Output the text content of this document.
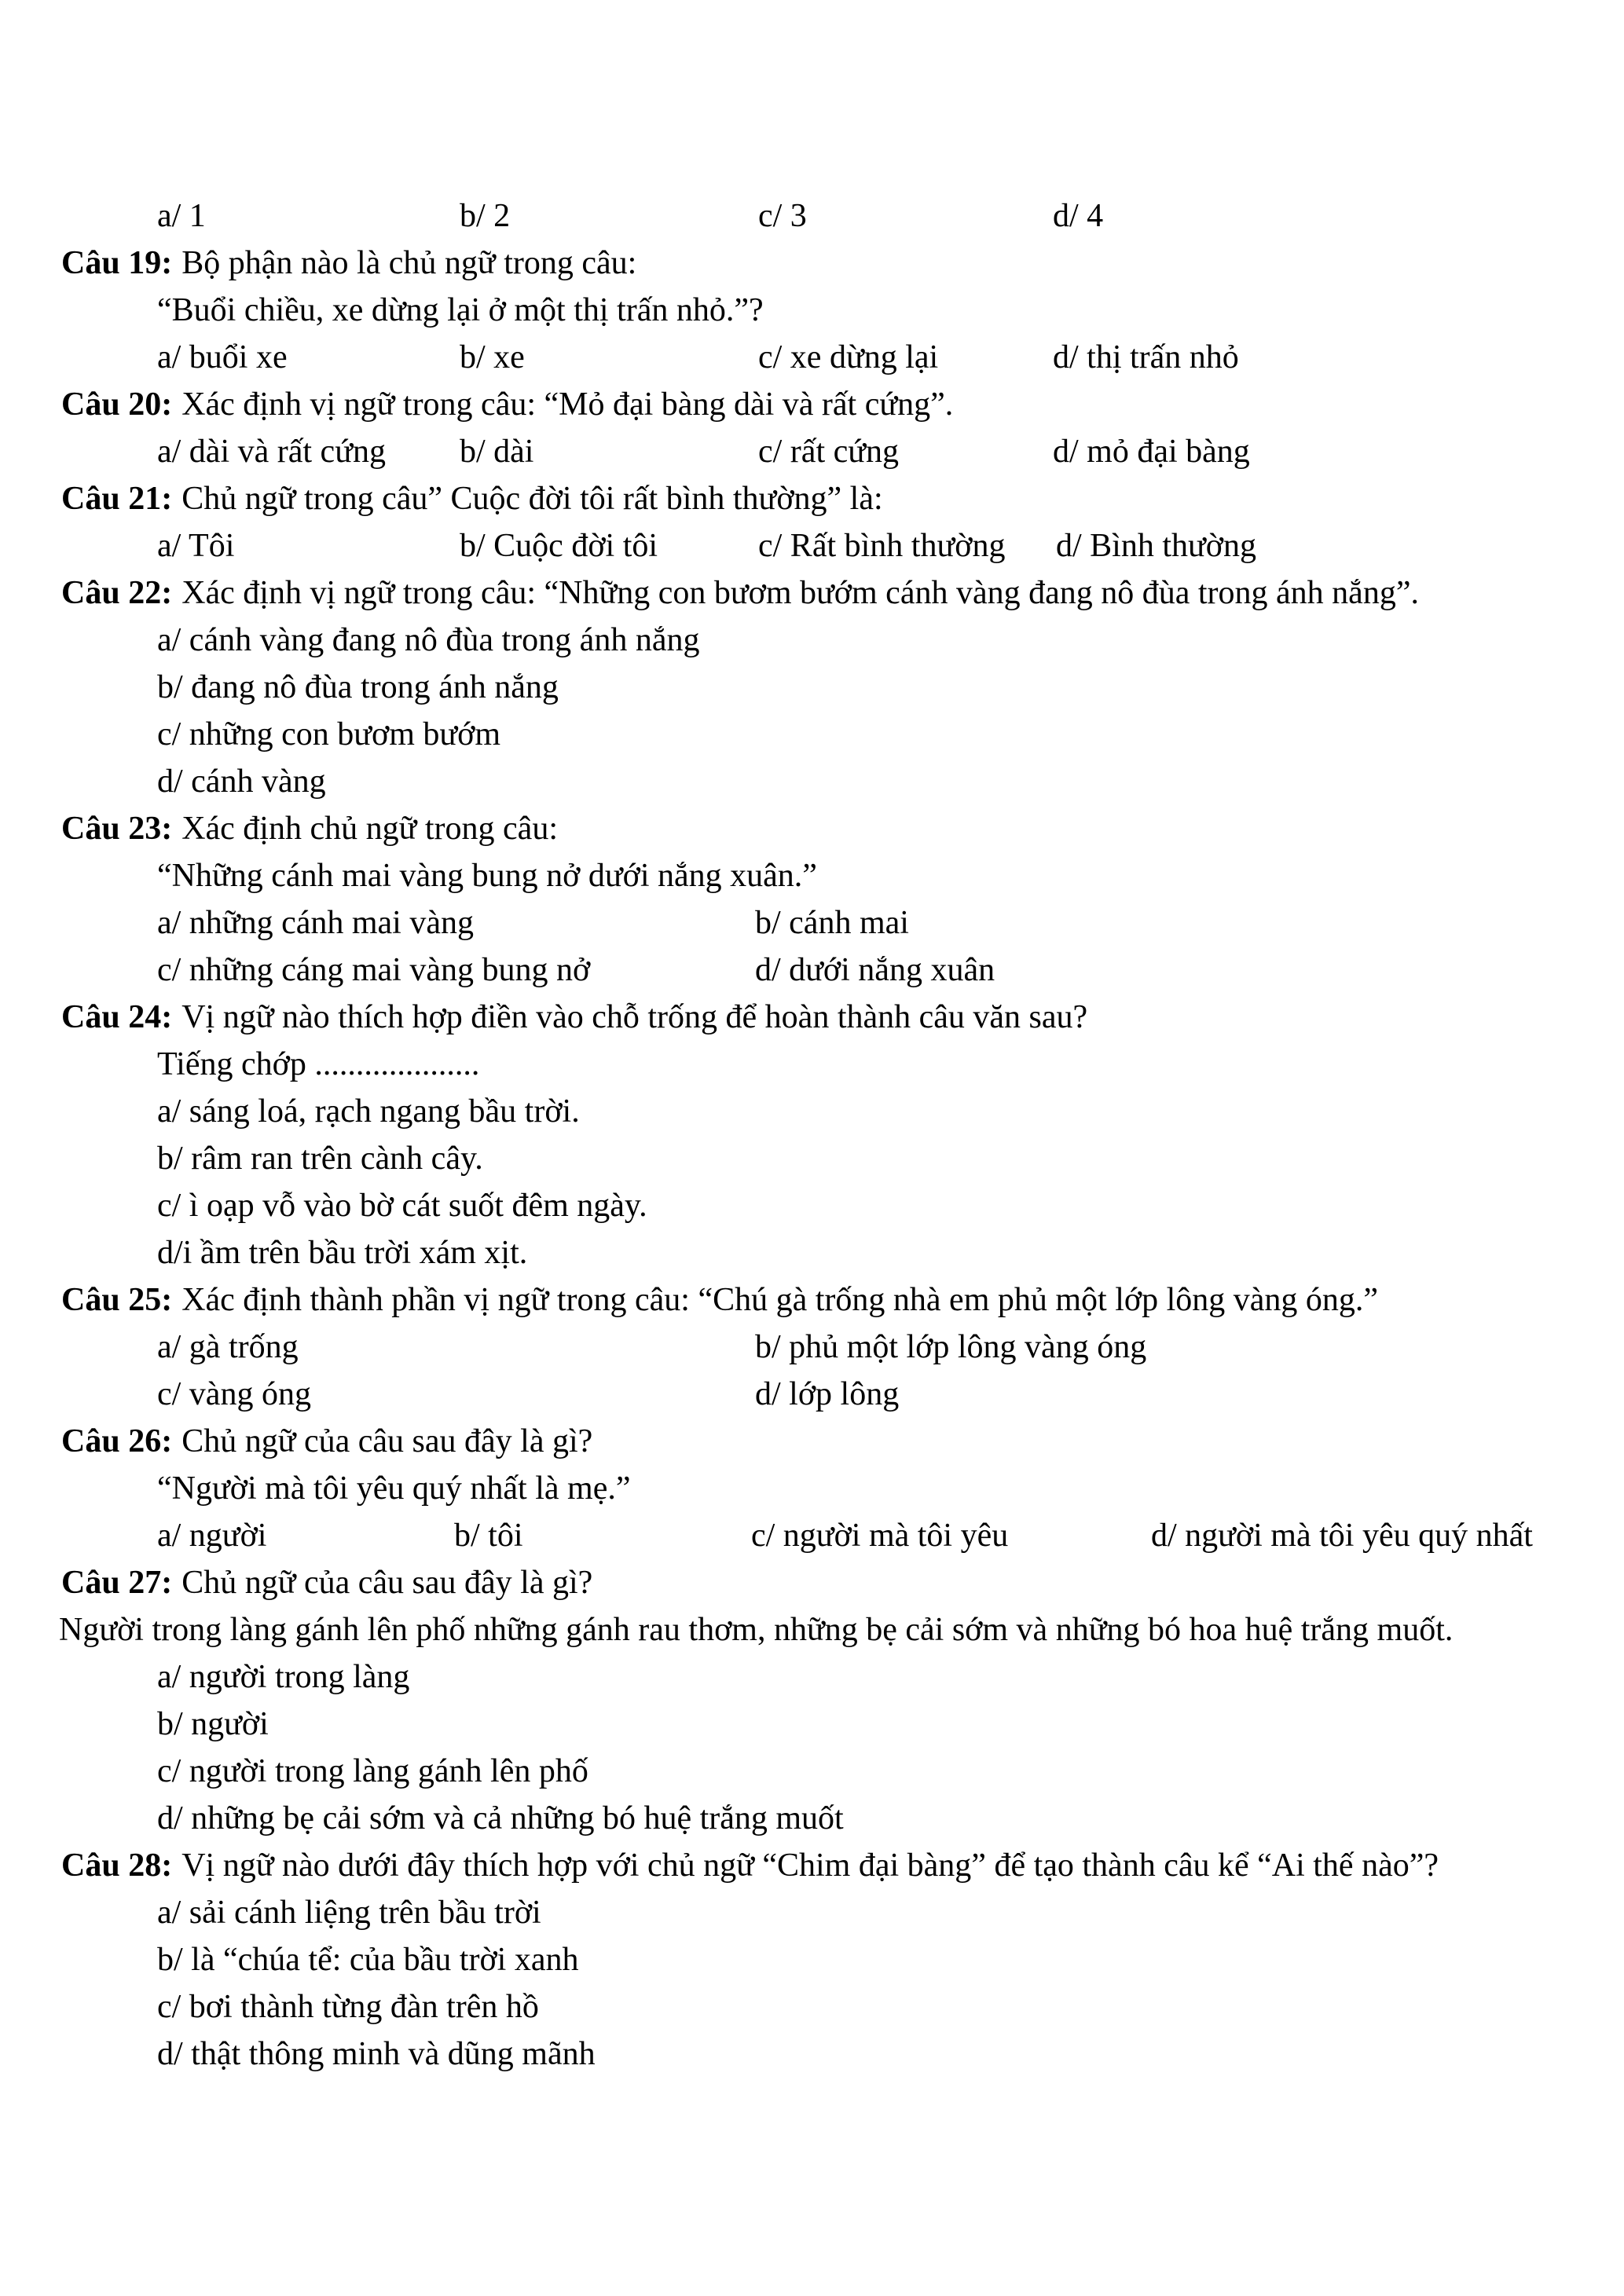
a/ 1	b/ 2	c/ 3	d/ 4
Câu 19: Bộ phận nào là chủ ngữ trong câu:
“Buổi chiều, xe dừng lại ở một thị trấn nhỏ.”?
a/ buổi xe	b/ xe	c/ xe dừng lại	d/ thị trấn nhỏ
Câu 20: Xác định vị ngữ trong câu: “Mỏ đại bàng dài và rất cứng”.
a/ dài và rất cứng b/ dài	c/ rất cứng	d/ mỏ đại bàng
Câu 21: Chủ ngữ trong câu” Cuộc đời tôi rất bình thường” là:
a/ Tôi	b/ Cuộc đời tôi	c/ Rất bình thường d/ Bình thường
Câu 22: Xác định vị ngữ trong câu: “Những con bươm bướm cánh vàng đang nô đùa trong ánh nắng”.
a/ cánh vàng đang nô đùa trong ánh nắng
b/ đang nô đùa trong ánh nắng
c/ những con bươm bướm
d/ cánh vàng
Câu 23: Xác định chủ ngữ trong câu:
“Những cánh mai vàng bung nở dưới nắng xuân.”
a/ những cánh mai vàng	b/ cánh mai
c/ những cáng mai vàng bung nở	d/ dưới nắng xuân
Câu 24: Vị ngữ nào thích hợp điền vào chỗ trống để hoàn thành câu văn sau?
Tiếng chớp ....................
a/ sáng loá, rạch ngang bầu trời.
b/ râm ran trên cành cây.
c/ ì oạp vỗ vào bờ cát suốt đêm ngày.
d/i ầm trên bầu trời xám xịt.
Câu 25: Xác định thành phần vị ngữ trong câu: “Chú gà trống nhà em phủ một lớp lông vàng óng.”
a/ gà trống	b/ phủ một lớp lông vàng óng
c/ vàng óng	d/ lớp lông
Câu 26: Chủ ngữ của câu sau đây là gì?
“Người mà tôi yêu quý nhất là mẹ.”
a/ người	b/ tôi	c/ người mà tôi yêu	d/ người mà tôi yêu quý nhất
Câu 27: Chủ ngữ của câu sau đây là gì?
Người trong làng gánh lên phố những gánh rau thơm, những bẹ cải sớm và những bó hoa huệ trắng muốt.
a/ người trong làng
b/ người
c/ người trong làng gánh lên phố
d/ những bẹ cải sớm và cả những bó huệ trắng muốt
Câu 28: Vị ngữ nào dưới đây thích hợp với chủ ngữ “Chim đại bàng” để tạo thành câu kể “Ai thế nào”?
a/ sải cánh liệng trên bầu trời
b/ là “chúa tể: của bầu trời xanh
c/ bơi thành từng đàn trên hồ
d/ thật thông minh và dũng mãnh
